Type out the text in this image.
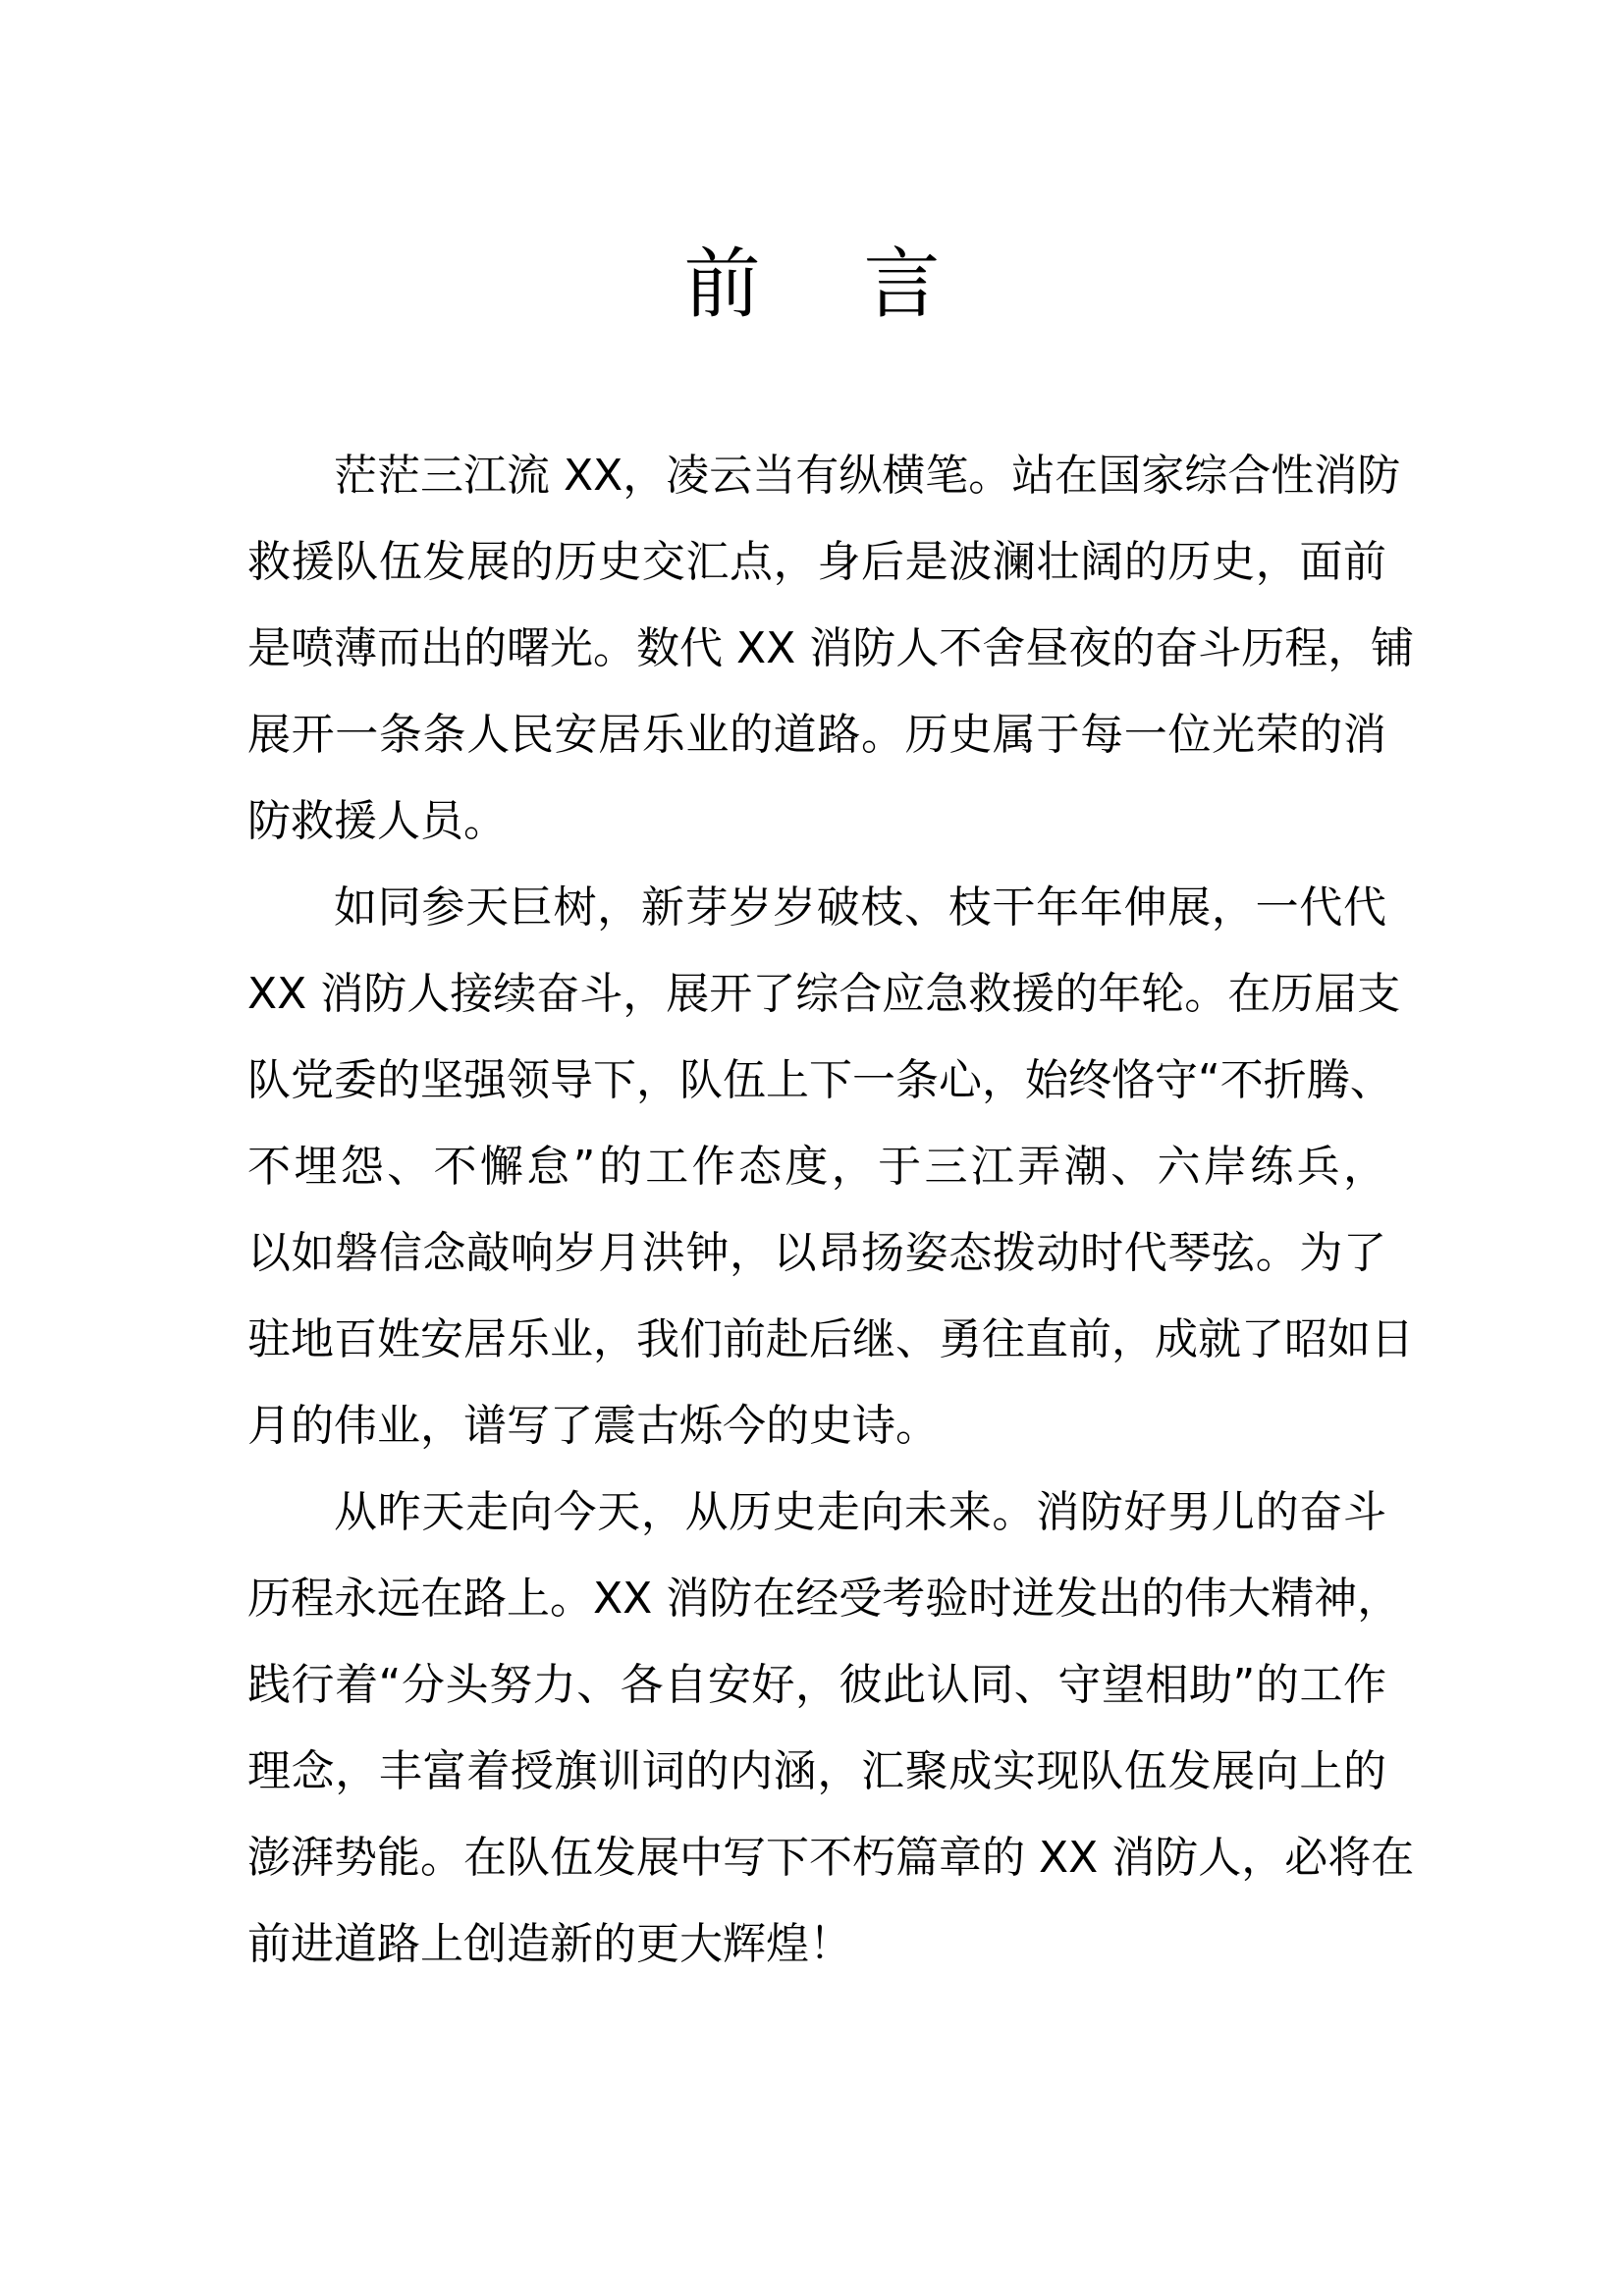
前 言
茫茫三江流 XX，凌云当有纵横笔。站在国家综合性消防
救援队伍发展的历史交汇点，身后是波澜壮阔的历史，面前
是喷薄而出的曙光。数代 XX 消防人不舍昼夜的奋斗历程，铺
展开一条条人民安居乐业的道路。历史属于每一位光荣的消
防救援人员。
如同参天巨树，新芽岁岁破枝、枝干年年伸展，一代代
XX 消防人接续奋斗，展开了综合应急救援的年轮。在历届支
队党委的坚强领导下，队伍上下一条心，始终恪守“不折腾、
不埋怨、不懈怠”的工作态度，于三江弄潮、六岸练兵，
以如磐信念敲响岁月洪钟，以昂扬姿态拨动时代琴弦。为了
驻地百姓安居乐业，我们前赴后继、勇往直前，成就了昭如日
月的伟业，谱写了震古烁今的史诗。
从昨天走向今天，从历史走向未来。消防好男儿的奋斗
历程永远在路上。XX 消防在经受考验时迸发出的伟大精神，
践行着“分头努力、各自安好，彼此认同、守望相助”的工作
理念，丰富着授旗训词的内涵，汇聚成实现队伍发展向上的
澎湃势能。在队伍发展中写下不朽篇章的 XX 消防人，必将在
前进道路上创造新的更大辉煌！
